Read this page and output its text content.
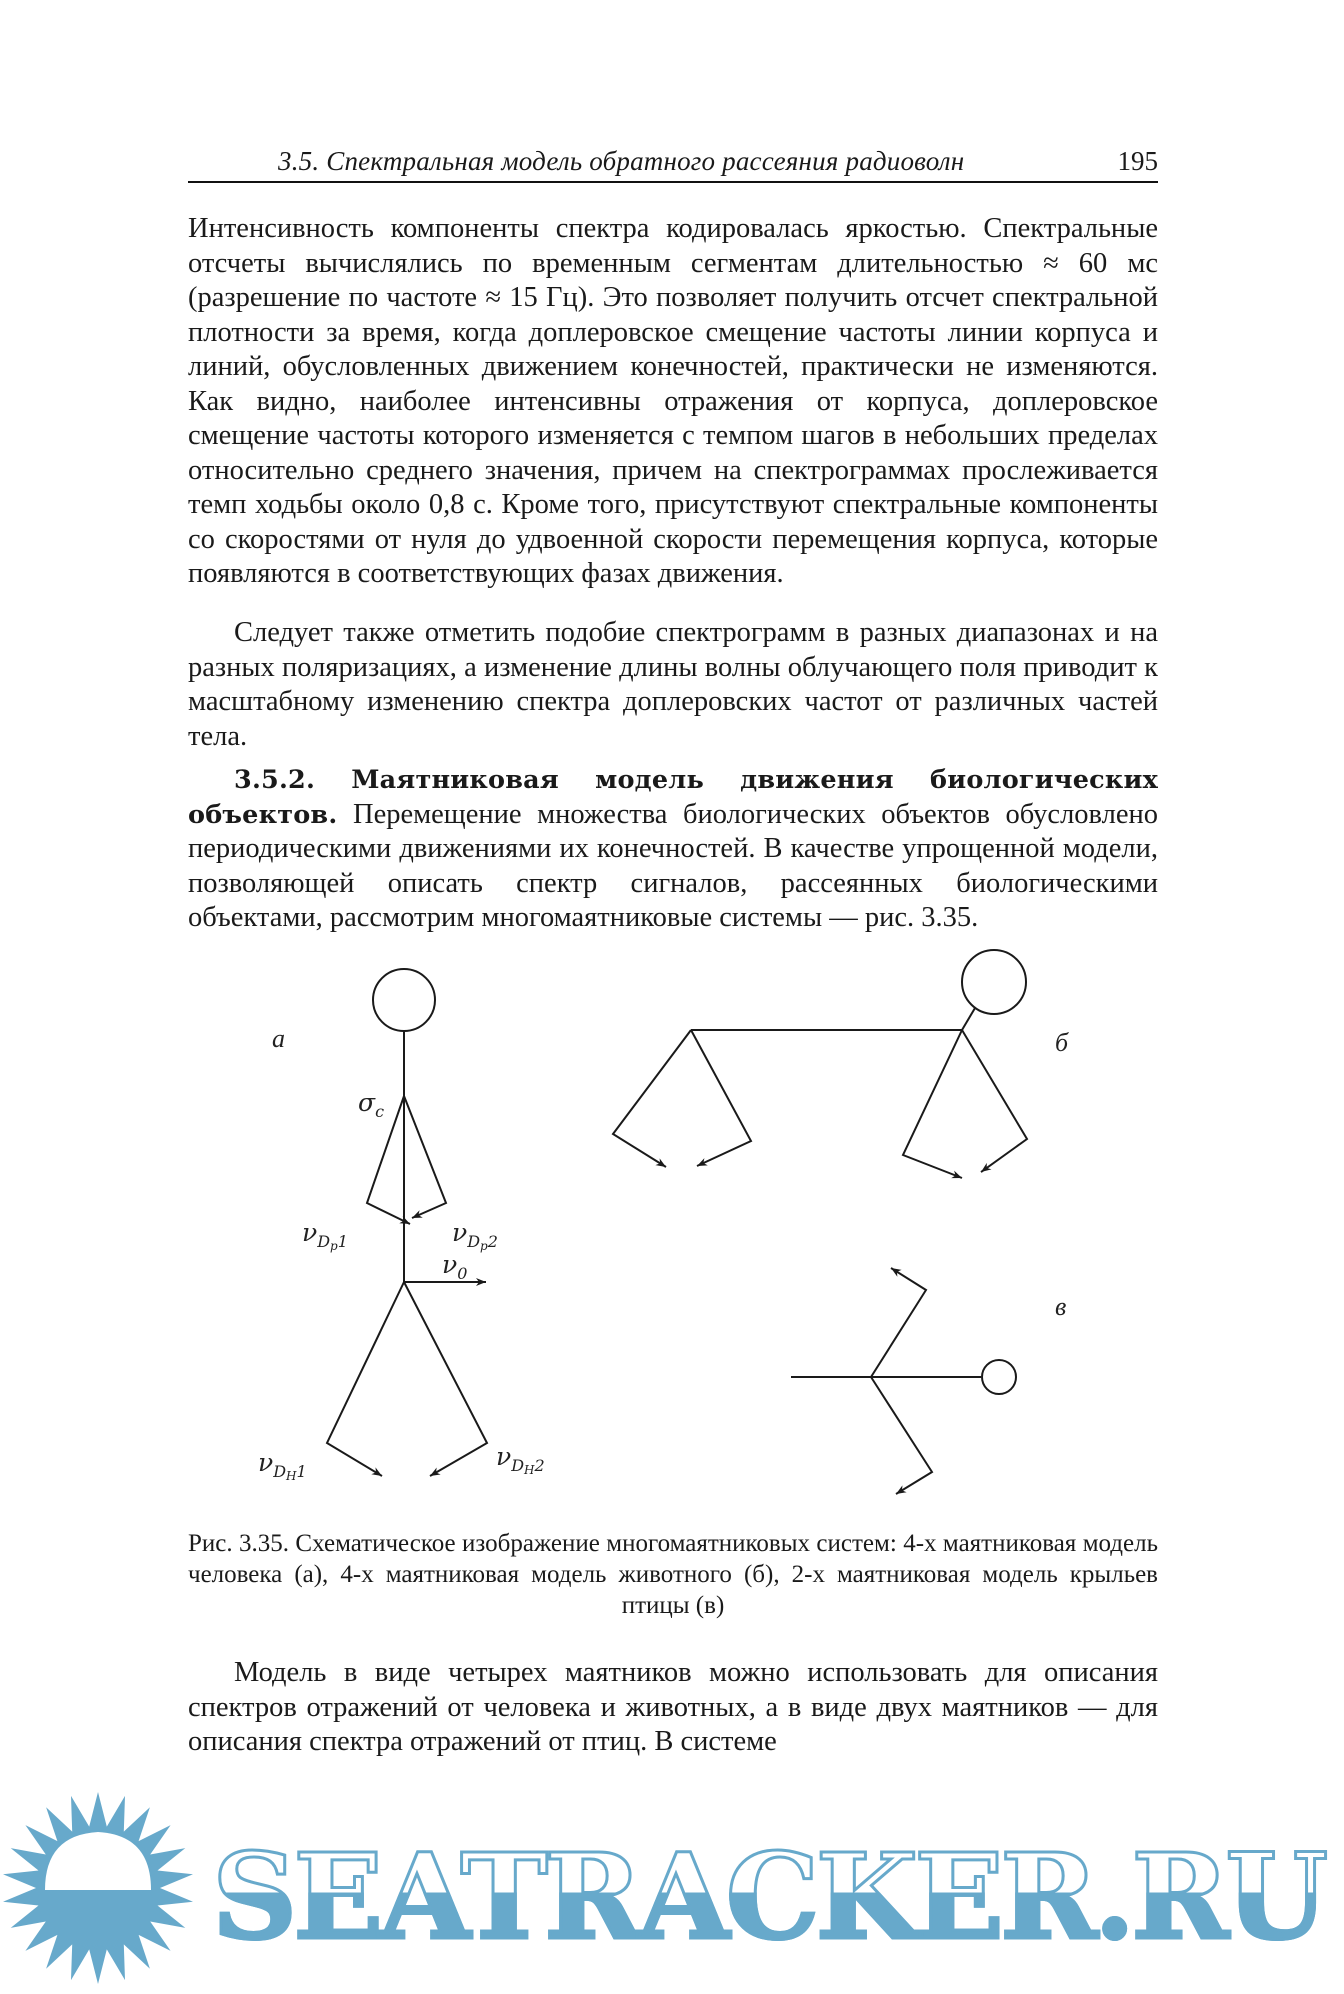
3.5. Спектральная модель обратного рассеяния радиоволн	195

Интенсивность компоненты спектра кодировалась яркостью. Спектральные отсчеты вычислялись по временным сегментам длительностью ≈ 60 мс (разрешение по частоте ≈ 15 Гц). Это позволяет получить отсчет спектральной плотности за время, когда доплеровское смещение частоты линии корпуса и линий, обусловленных движением конечностей, практически не изменяются. Как видно, наиболее интенсивны отражения от корпуса, доплеровское смещение частоты которого изменяется с темпом шагов в небольших пределах относительно среднего значения, причем на спектрограммах прослеживается темп ходьбы около 0,8 с. Кроме того, присутствуют спектральные компоненты со скоростями от нуля до удвоенной скорости перемещения корпуса, которые появляются в соответствующих фазах движения.

Следует также отметить подобие спектрограмм в разных диапазонах и на разных поляризациях, а изменение длины волны облучающего поля приводит к масштабному изменению спектра доплеровских частот от различных частей тела.

3.5.2. Маятниковая модель движения биологических объектов. Перемещение множества биологических объектов обусловлено периодическими движениями их конечностей. В качестве упрощенной модели, позволяющей описать спектр сигналов, рассеянных биологическими объектами, рассмотрим многомаятниковые системы — рис. 3.35.

а	б
в
$\sigma_c$
$\nu_{D_p1}$	$\nu_{D_p2}$
$\nu_0$
$\nu_{D_H1}$
$\nu_{D_H2}$
Рис. 3.35. Схематическое изображение многомаятниковых систем: 4-х маятниковая модель человека (а), 4-х маятниковая модель животного (б), 2-х маятниковая модель крыльев птицы (в)

Модель в виде четырех маятников можно использовать для описания спектров отражений от человека и животных, а в виде двух маятников — для описания спектра отражений от птиц. В системе

SEATRACKER.RU
